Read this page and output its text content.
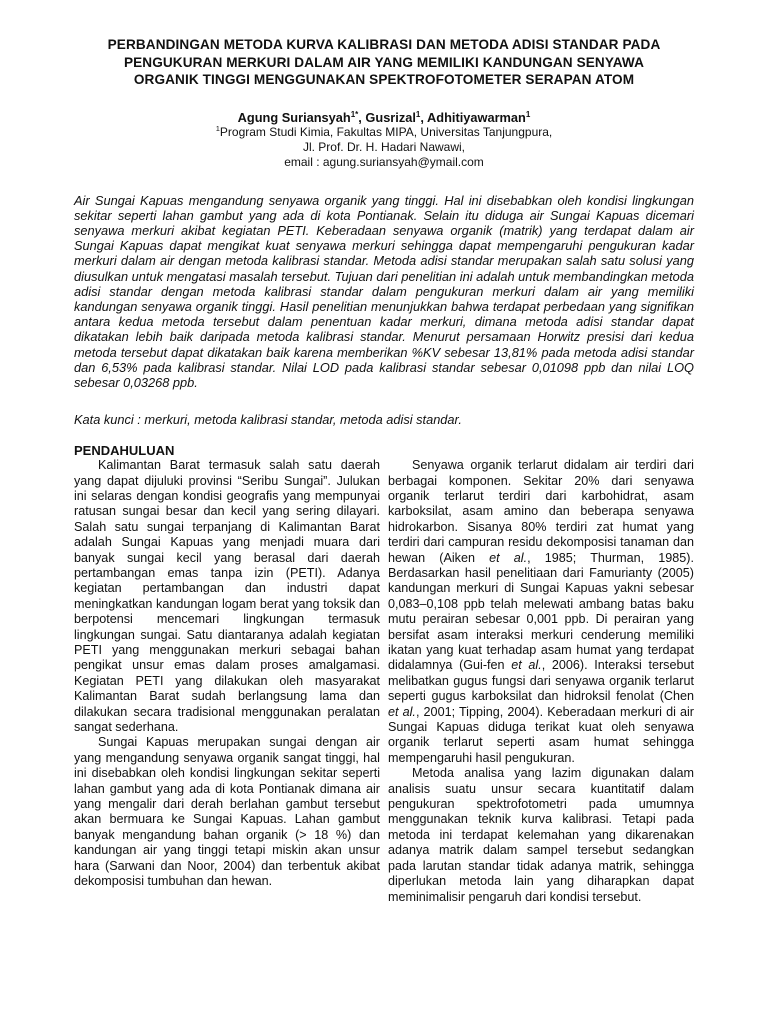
PERBANDINGAN METODA KURVA KALIBRASI DAN METODA ADISI STANDAR PADA

PENGUKURAN MERKURI DALAM AIR YANG MEMILIKI KANDUNGAN SENYAWA

ORGANIK TINGGI MENGGUNAKAN SPEKTROFOTOMETER SERAPAN ATOM

Agung Suriansyah$^{1*}$, Gusrizal$^1$, Adhitiyawarman$^1$
$^1$Program Studi Kimia, Fakultas MIPA, Universitas Tanjungpura,
Jl. Prof. Dr. H. Hadari Nawawi,
email : agung.suriansyah@ymail.com

Air Sungai Kapuas mengandung senyawa organik yang tinggi. Hal ini disebabkan oleh kondisi lingkungan sekitar seperti lahan gambut yang ada di kota Pontianak. Selain itu diduga air Sungai Kapuas dicemari senyawa merkuri akibat kegiatan PETI. Keberadaan senyawa organik (matrik) yang terdapat dalam air Sungai Kapuas dapat mengikat kuat senyawa merkuri sehingga dapat mempengaruhi pengukuran kadar merkuri dalam air dengan metoda kalibrasi standar. Metoda adisi standar merupakan salah satu solusi yang diusulkan untuk mengatasi masalah tersebut. Tujuan dari penelitian ini adalah untuk membandingkan metoda adisi standar dengan metoda kalibrasi standar dalam pengukuran merkuri dalam air yang memiliki kandungan senyawa organik tinggi. Hasil penelitian menunjukkan bahwa terdapat perbedaan yang signifikan antara kedua metoda tersebut dalam penentuan kadar merkuri, dimana metoda adisi standar dapat dikatakan lebih baik daripada metoda kalibrasi standar. Menurut persamaan Horwitz presisi dari kedua metoda tersebut dapat dikatakan baik karena memberikan %KV sebesar 13,81% pada metoda adisi standar dan 6,53% pada kalibrasi standar. Nilai LOD pada kalibrasi standar sebesar 0,01098 ppb dan nilai LOQ sebesar 0,03268 ppb.

Kata kunci : merkuri, metoda kalibrasi standar, metoda adisi standar.

PENDAHULUAN

Kalimantan Barat termasuk salah satu daerah yang dapat dijuluki provinsi “Seribu Sungai”. Julukan ini selaras dengan kondisi geografis yang mempunyai ratusan sungai besar dan kecil yang sering dilayari. Salah satu sungai terpanjang di Kalimantan Barat adalah Sungai Kapuas yang menjadi muara dari banyak sungai kecil yang berasal dari daerah pertambangan emas tanpa izin (PETI). Adanya kegiatan pertambangan dan industri dapat meningkatkan kandungan logam berat yang toksik dan berpotensi mencemari lingkungan termasuk lingkungan sungai. Satu diantaranya adalah kegiatan PETI yang menggunakan merkuri sebagai bahan pengikat unsur emas dalam proses amalgamasi. Kegiatan PETI yang dilakukan oleh masyarakat Kalimantan Barat sudah berlangsung lama dan dilakukan secara tradisional menggunakan peralatan sangat sederhana.

Sungai Kapuas merupakan sungai dengan air yang mengandung senyawa organik sangat tinggi, hal ini disebabkan oleh kondisi lingkungan sekitar seperti lahan gambut yang ada di kota Pontianak dimana air yang mengalir dari derah berlahan gambut tersebut akan bermuara ke Sungai Kapuas. Lahan gambut banyak mengandung bahan organik (> 18 %) dan kandungan air yang tinggi tetapi miskin akan unsur hara (Sarwani dan Noor, 2004) dan terbentuk akibat dekomposisi tumbuhan dan hewan.

Senyawa organik terlarut didalam air terdiri dari berbagai komponen. Sekitar 20% dari senyawa organik terlarut terdiri dari karbohidrat, asam karboksilat, asam amino dan beberapa senyawa hidrokarbon. Sisanya 80% terdiri zat humat yang terdiri dari campuran residu dekomposisi tanaman dan hewan (Aiken et al., 1985; Thurman, 1985). Berdasarkan hasil penelitiaan dari Famurianty (2005) kandungan merkuri di Sungai Kapuas yakni sebesar 0,083–0,108 ppb telah melewati ambang batas baku mutu perairan sebesar 0,001 ppb. Di perairan yang bersifat asam interaksi merkuri cenderung memiliki ikatan yang kuat terhadap asam humat yang terdapat didalamnya (Gui-fen et al., 2006). Interaksi tersebut melibatkan gugus fungsi dari senyawa organik terlarut seperti gugus karboksilat dan hidroksil fenolat (Chen et al., 2001; Tipping, 2004). Keberadaan merkuri di air Sungai Kapuas diduga terikat kuat oleh senyawa organik terlarut seperti asam humat sehingga mempengaruhi hasil pengukuran.

Metoda analisa yang lazim digunakan dalam analisis suatu unsur secara kuantitatif dalam pengukuran spektrofotometri pada umumnya menggunakan teknik kurva kalibrasi. Tetapi pada metoda ini terdapat kelemahan yang dikarenakan adanya matrik dalam sampel tersebut sedangkan pada larutan standar tidak adanya matrik, sehingga diperlukan metoda lain yang diharapkan dapat meminimalisir pengaruh dari kondisi tersebut.
